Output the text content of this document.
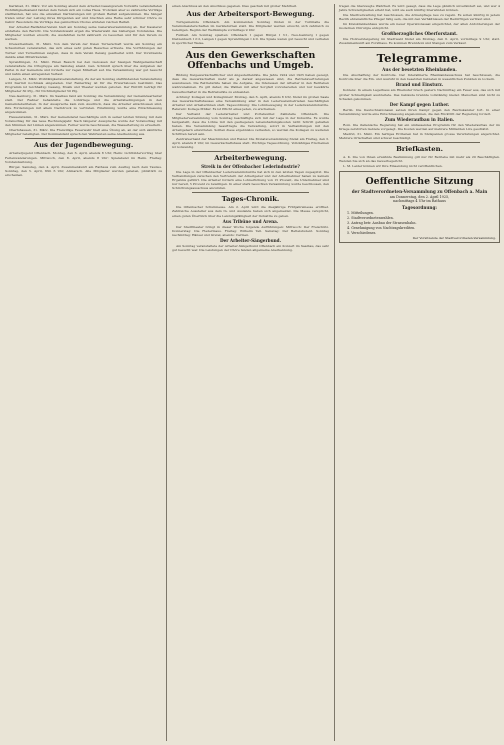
Karlsbad, 31. März. Vor am Sonntag abend dem Arbeiter-Gesangverein Vorwärts veranstalteten Wohltätigkeitsabend fanden dem Verein sich ein volles Haus. Trotzdem aber so zahlreiche Vorträge stattfanden, hat uns die einzelnen Darbietungen mit großem Beifall aufgenommen. Die Sänger traten unter der Leitung ihres Dirigenten auf und brachten eine Reihe sehr schöner Chöre zu Gehör. Besonders die Vorträge des gemischten Chores ernteten reichen Beifall.

Der Arbeiter-Radfahrer-Verein hielt am Sonntag seine Generalversammlung ab. Der Kassierer erstattete den Bericht. Die Vorstandswahl ergab die Wiederwahl des bisherigen Vorstandes. Die Mitglieder wurden ersucht, die Ausfahrten recht zahlreich zu besuchen und für den Verein zu werben.

Dreieichenhain, 31. März. Von dem Verein der freien Turnerschaft wurde am Sonntag ein Schauturnen veranstaltet, das sich eines sehr guten Besuches erfreute. Die Vorführungen der Turner und Turnerinnen zeigten, dass in dem Verein fleissig gearbeitet wird. Der Vorsitzende dankte allen Mitwirkenden.

Sprendlingen, 31. März. Einen Besuch bei den Genossen der hiesigen Wahlgemeinschaft veranstaltete die Ortsgruppe am Samstag abend. Gen. Schmidt sprach über die Aufgaben der Partei in der Gemeinde und forderte zur regen Mitarbeit auf. Die Versammlung war gut besucht und nahm einen anregenden Verlauf.

Langen, 31. März. Wohltätigkeitsveranstaltung. Zu der am Sonntag stattfindenden Veranstaltung wird hiermit nochmals eingeladen. Der Reinertrag ist für die Erwerbslosen bestimmt. Das Programm ist reichhaltig; Gesang, Musik und Theater werden geboten. Der Eintritt beträgt für Mitglieder 30 Pfg., für Nichtmitglieder 50 Pfg.

Neu-Isenburg, 31. März. Im Saalbau fand am Sonntag die Versammlung der Gemeindearbeiter statt. Der Redner behandelte die Lohnfrage und die Arbeitsbedingungen in den Gemeindebetrieben. In der Aussprache kam zum Ausdruck, dass die Arbeiter entschlossen sind, ihre Forderungen mit allem Nachdruck zu vertreten. Einstimmig wurde eine Entschliessung angenommen.

Heusenstamm, 31. März. Der Gemeinderat beschäftigte sich in seiner letzten Sitzung mit dem Voranschlag für das neue Rechnungsjahr. Nach längerer Aussprache wurde der Voranschlag mit den Stimmen der Linken angenommen. Ferner wurde beschlossen, die Wasserleitung zu erweitern.

Obertshausen, 31. März. Die Freiwillige Feuerwehr hielt eine Übung ab, an der sich sämtliche Mitglieder beteiligten. Der Kommandant sprach den Wehrleuten seine Anerkennung aus.

Aus der Jugendbewegung.

Arbeiterjugend Offenbach. Montag, den 6. April, abends 8 Uhr, Heim: Lichtbildervortrag über Ferienwanderungen. Mittwoch, den 8. April, abends 8 Uhr: Spielabend im Heim. Freitag: Vorstandssitzung.

Bürgel. Samstag, den 4. April, Zusammenkunft am Rathaus zum Ausflug nach dem Taunus. Sonntag, den 5. April, früh 6 Uhr, Abmarsch. Alle Mitglieder werden gebeten, pünktlich zu erscheinen.

einen Anschluss an den Anschluss gegeben. Dies geschah mit großer Mehrheit.

Aus der Arbeitersport-Bewegung.

Turngemeinde Offenbach. Am kommenden Sonntag finden in der Turnhalle die Vereinsmeisterschaften im Geräteturnen statt. Die Mitglieder werden ersucht, sich zahlreich zu beteiligen. Beginn der Wettkämpfe vormittags 9 Uhr.

Fußball. Am Sonntag spielten: Offenbach I gegen Bürgel I 3:1, Neu-Isenburg I gegen Dietzenbach I 2:2, Langen I gegen Sprendlingen I 4:0. Die Spiele waren gut besucht und verliefen in sportlicher Weise.

Aus den Gewerkschaften Offenbachs und Umgeb.

Bildung freigewerkschaftlicher und Angestelltenräte. Die Jahre 1924 und 1925 haben gezeigt, dass die Gewerkschaften mehr als je darauf angewiesen sind, die Betriebsvertretungen auszubauen. Die Betriebsräte haben die Aufgabe, die Interessen der Arbeiter in den Betrieben wahrzunehmen. Es gilt daher, die Wahlen mit aller Sorgfalt vorzubereiten und nur bewährte Gewerkschafter in die Betriebsräte zu entsenden.

Achtung! Kollegen und Kolleginnen! Montag, den 6. April, abends 8 Uhr, findet im großen Saale des Gewerkschaftshauses eine Versammlung aller in den Lederwarenbetrieben beschäftigten Arbeiter und Arbeiterinnen statt. Tagesordnung: Die Lohnbewegung in der Lederwarenindustrie. Referent: Kollege Müller. Es ist Pflicht eines jeden, zu erscheinen.

Der Verband der Lederarbeiter und Portefeuiller. Zahlstelle Offenbach. Die Mitgliederversammlung vom Sonntag beschäftigte sich mit der Lage in der Industrie. Es wurde festgestellt, dass die Löhne mit den gestiegenen Lebenshaltungskosten nicht Schritt gehalten haben. Die Versammlung beauftragte die Verwaltung, sofort in Verhandlungen mit den Arbeitgebern einzutreten. Sollten diese ergebnislos verlaufen, so werden die Kollegen zu weiteren Schritten bereit sein.

Zentralverband der Maschinisten und Heizer. Die Monatsversammlung findet am Freitag, den 3. April, abends 8 Uhr, im Gewerkschaftshaus statt. Wichtige Tagesordnung. Vollzähliges Erscheinen ist notwendig.

Arbeiterbewegung.
Streik in der Offenbacher Lederindustrie?

Die Lage in der Offenbacher Lederwarenindustrie hat sich in den letzten Tagen zugespitzt. Die Verhandlungen zwischen den Vertretern der Arbeitgeber und der Arbeitnehmer haben zu keinem Ergebnis geführt. Die Arbeiter fordern eine Lohnerhöhung von 15 Prozent, die Unternehmer sind nur bereit, 5 Prozent zu bewilligen. In einer stark besuchten Versammlung wurde beschlossen, den Schlichtungsausschuss anzurufen.

Tages-Chronik.

Die Offenbacher Schuhmesse. Am 2. April wird die diesjährige Frühjahrsmesse eröffnet. Zahlreiche Aussteller aus dem In- und Auslande haben sich angemeldet. Die Messe verspricht, einen guten Überblick über die Leistungsfähigkeit der Industrie zu geben.

Aus Tribüne und Arena.

Der Stadttheater bringt in dieser Woche folgende Aufführungen: Mittwoch: Der Freischütz. Donnerstag: Die Fledermaus. Freitag: Wilhelm Tell. Samstag: Der Bettelstudent. Sonntag nachmittag: Hänsel und Gretel, abends: Carmen.

Der Arbeiter-Sängerbund.

Am Sonntag veranstaltete der Arbeiter-Sängerbund Offenbach ein Konzert im Saalbau, das sehr gut besucht war. Die Leistungen der Chöre fanden allgemeine Anerkennung.

tragen die überzeugte Wahrheit. Es wird gesagt, dass die Lage gänzlich unverändert sei, und wer 4 Jahre Schwierigkeiten erlebt hat, wird sie auch künftig überwinden können.

Die Stadtverwaltung hat beschlossen, die Armenpflege neu zu regeln. Es sollen künftig in jedem Bezirk ehrenamtliche Pfleger tätig sein, die mit den Verhältnissen der Bedürftigen vertraut sind.

Im Kreiskrankenhaus wurde ein neuer Operationssaal eingerichtet, der allen Anforderungen der modernen Chirurgie entspricht.

Großherzogliches Oberforstamt.

Die Holzversteigerung im Stadtwald findet am Montag, den 6. April, vormittags 9 Uhr, statt. Zusammenkunft am Forsthaus. Es kommen Brennholz und Stangen zum Verkauf.

Telegramme.
Aus der besetzten Rheinlanden.

Die Abschaffung der Kontrolle. Der Interalliierte Rheinlandausschuss hat beschlossen, die Kontrolle über die Ein- und Ausfuhr in den besetzten Gebieten in wesentlichen Punkten zu lockern.

Brand und Einsturz.

Koblenz. In einem Lagerhaus am Rheinufer brach gestern Nachmittag ein Feuer aus, das sich mit großer Schnelligkeit ausbreitete. Das Gebäude brannte vollständig nieder. Menschen sind nicht zu Schaden gekommen.

Der Kampf gegen Luther.

Berlin. Die Deutschnationalen setzen ihren Kampf gegen den Reichskanzler fort. In einer Versammlung wurde eine Entschliessung angenommen, die den Rücktritt der Regierung fordert.

Zum Wiederaufbau in Italien.

Rom. Die italienische Regierung hat ein umfassendes Programm für den Wiederaufbau der im Kriege zerstörten Gebiete vorgelegt. Die Kosten werden auf mehrere Milliarden Lire geschätzt.

Madrid, 31. März. Ein heftiges Erdbeben hat in Südspanien grosse Verwüstungen angerichtet. Mehrere Ortschaften sind schwer beschädigt.

Briefkasten.

A. K. Die von Ihnen erwähnte Bestimmung gilt nur für Betriebe mit mehr als 20 Beschäftigten. Wenden Sie sich an das Gewerbegericht.

L. M. Leider können wir Ihre Einsendung nicht veröffentlichen.

Oeffentliche Sitzung
der Stadtverordneten-Versammlung zu Offenbach a. Main
am Donnerstag, den 2. April 1925,
nachmittags 4 Uhr im Rathaus
Tagesordnung:
1. Mitteilungen.
2. Stadtverordnetenwahlen.
3. Antrag betr. Ausbau der Strassenbahn.
4. Genehmigung von Nachtragskrediten.
5. Verschiedenes.

Der Vorsitzende der Stadtverordneten-Versammlung.
